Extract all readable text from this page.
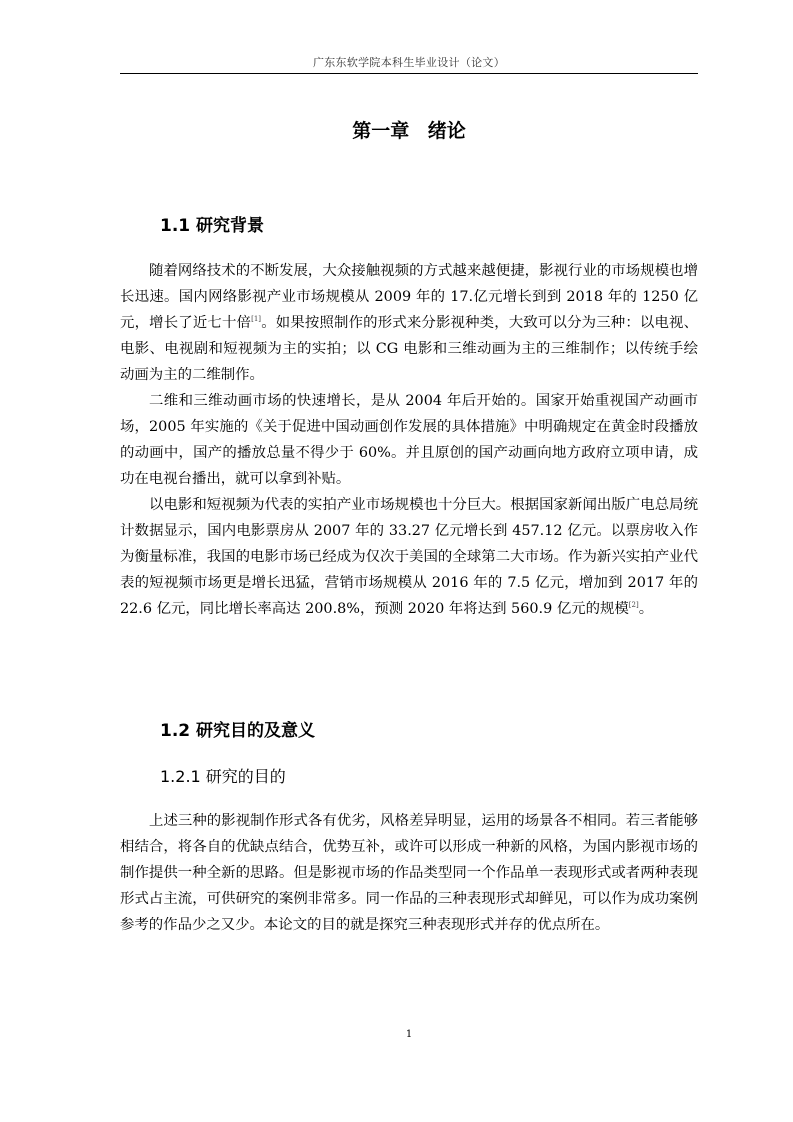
广东东软学院本科生毕业设计（论文）
第一章 绪论
1.1 研究背景

随着网络技术的不断发展，大众接触视频的方式越来越便捷，影视行业的市场规模也增长迅速。国内网络影视产业市场规模从 2009 年的 17.亿元增长到到 2018 年的 1250 亿元，增长了近七十倍[1]。如果按照制作的形式来分影视种类，大致可以分为三种：以电视、电影、电视剧和短视频为主的实拍；以 CG 电影和三维动画为主的三维制作；以传统手绘动画为主的二维制作。

二维和三维动画市场的快速增长，是从 2004 年后开始的。国家开始重视国产动画市场，2005 年实施的《关于促进中国动画创作发展的具体措施》中明确规定在黄金时段播放的动画中，国产的播放总量不得少于 60%。并且原创的国产动画向地方政府立项申请，成功在电视台播出，就可以拿到补贴。

以电影和短视频为代表的实拍产业市场规模也十分巨大。根据国家新闻出版广电总局统计数据显示，国内电影票房从 2007 年的 33.27 亿元增长到 457.12 亿元。以票房收入作为衡量标准，我国的电影市场已经成为仅次于美国的全球第二大市场。作为新兴实拍产业代表的短视频市场更是增长迅猛，营销市场规模从 2016 年的 7.5 亿元，增加到 2017 年的 22.6 亿元，同比增长率高达 200.8%，预测 2020 年将达到 560.9 亿元的规模[2]。

1.2 研究目的及意义
1.2.1 研究的目的

上述三种的影视制作形式各有优劣，风格差异明显，运用的场景各不相同。若三者能够相结合，将各自的优缺点结合，优势互补，或许可以形成一种新的风格，为国内影视市场的制作提供一种全新的思路。但是影视市场的作品类型同一个作品单一表现形式或者两种表现形式占主流，可供研究的案例非常多。同一作品的三种表现形式却鲜见，可以作为成功案例参考的作品少之又少。本论文的目的就是探究三种表现形式并存的优点所在。

1
